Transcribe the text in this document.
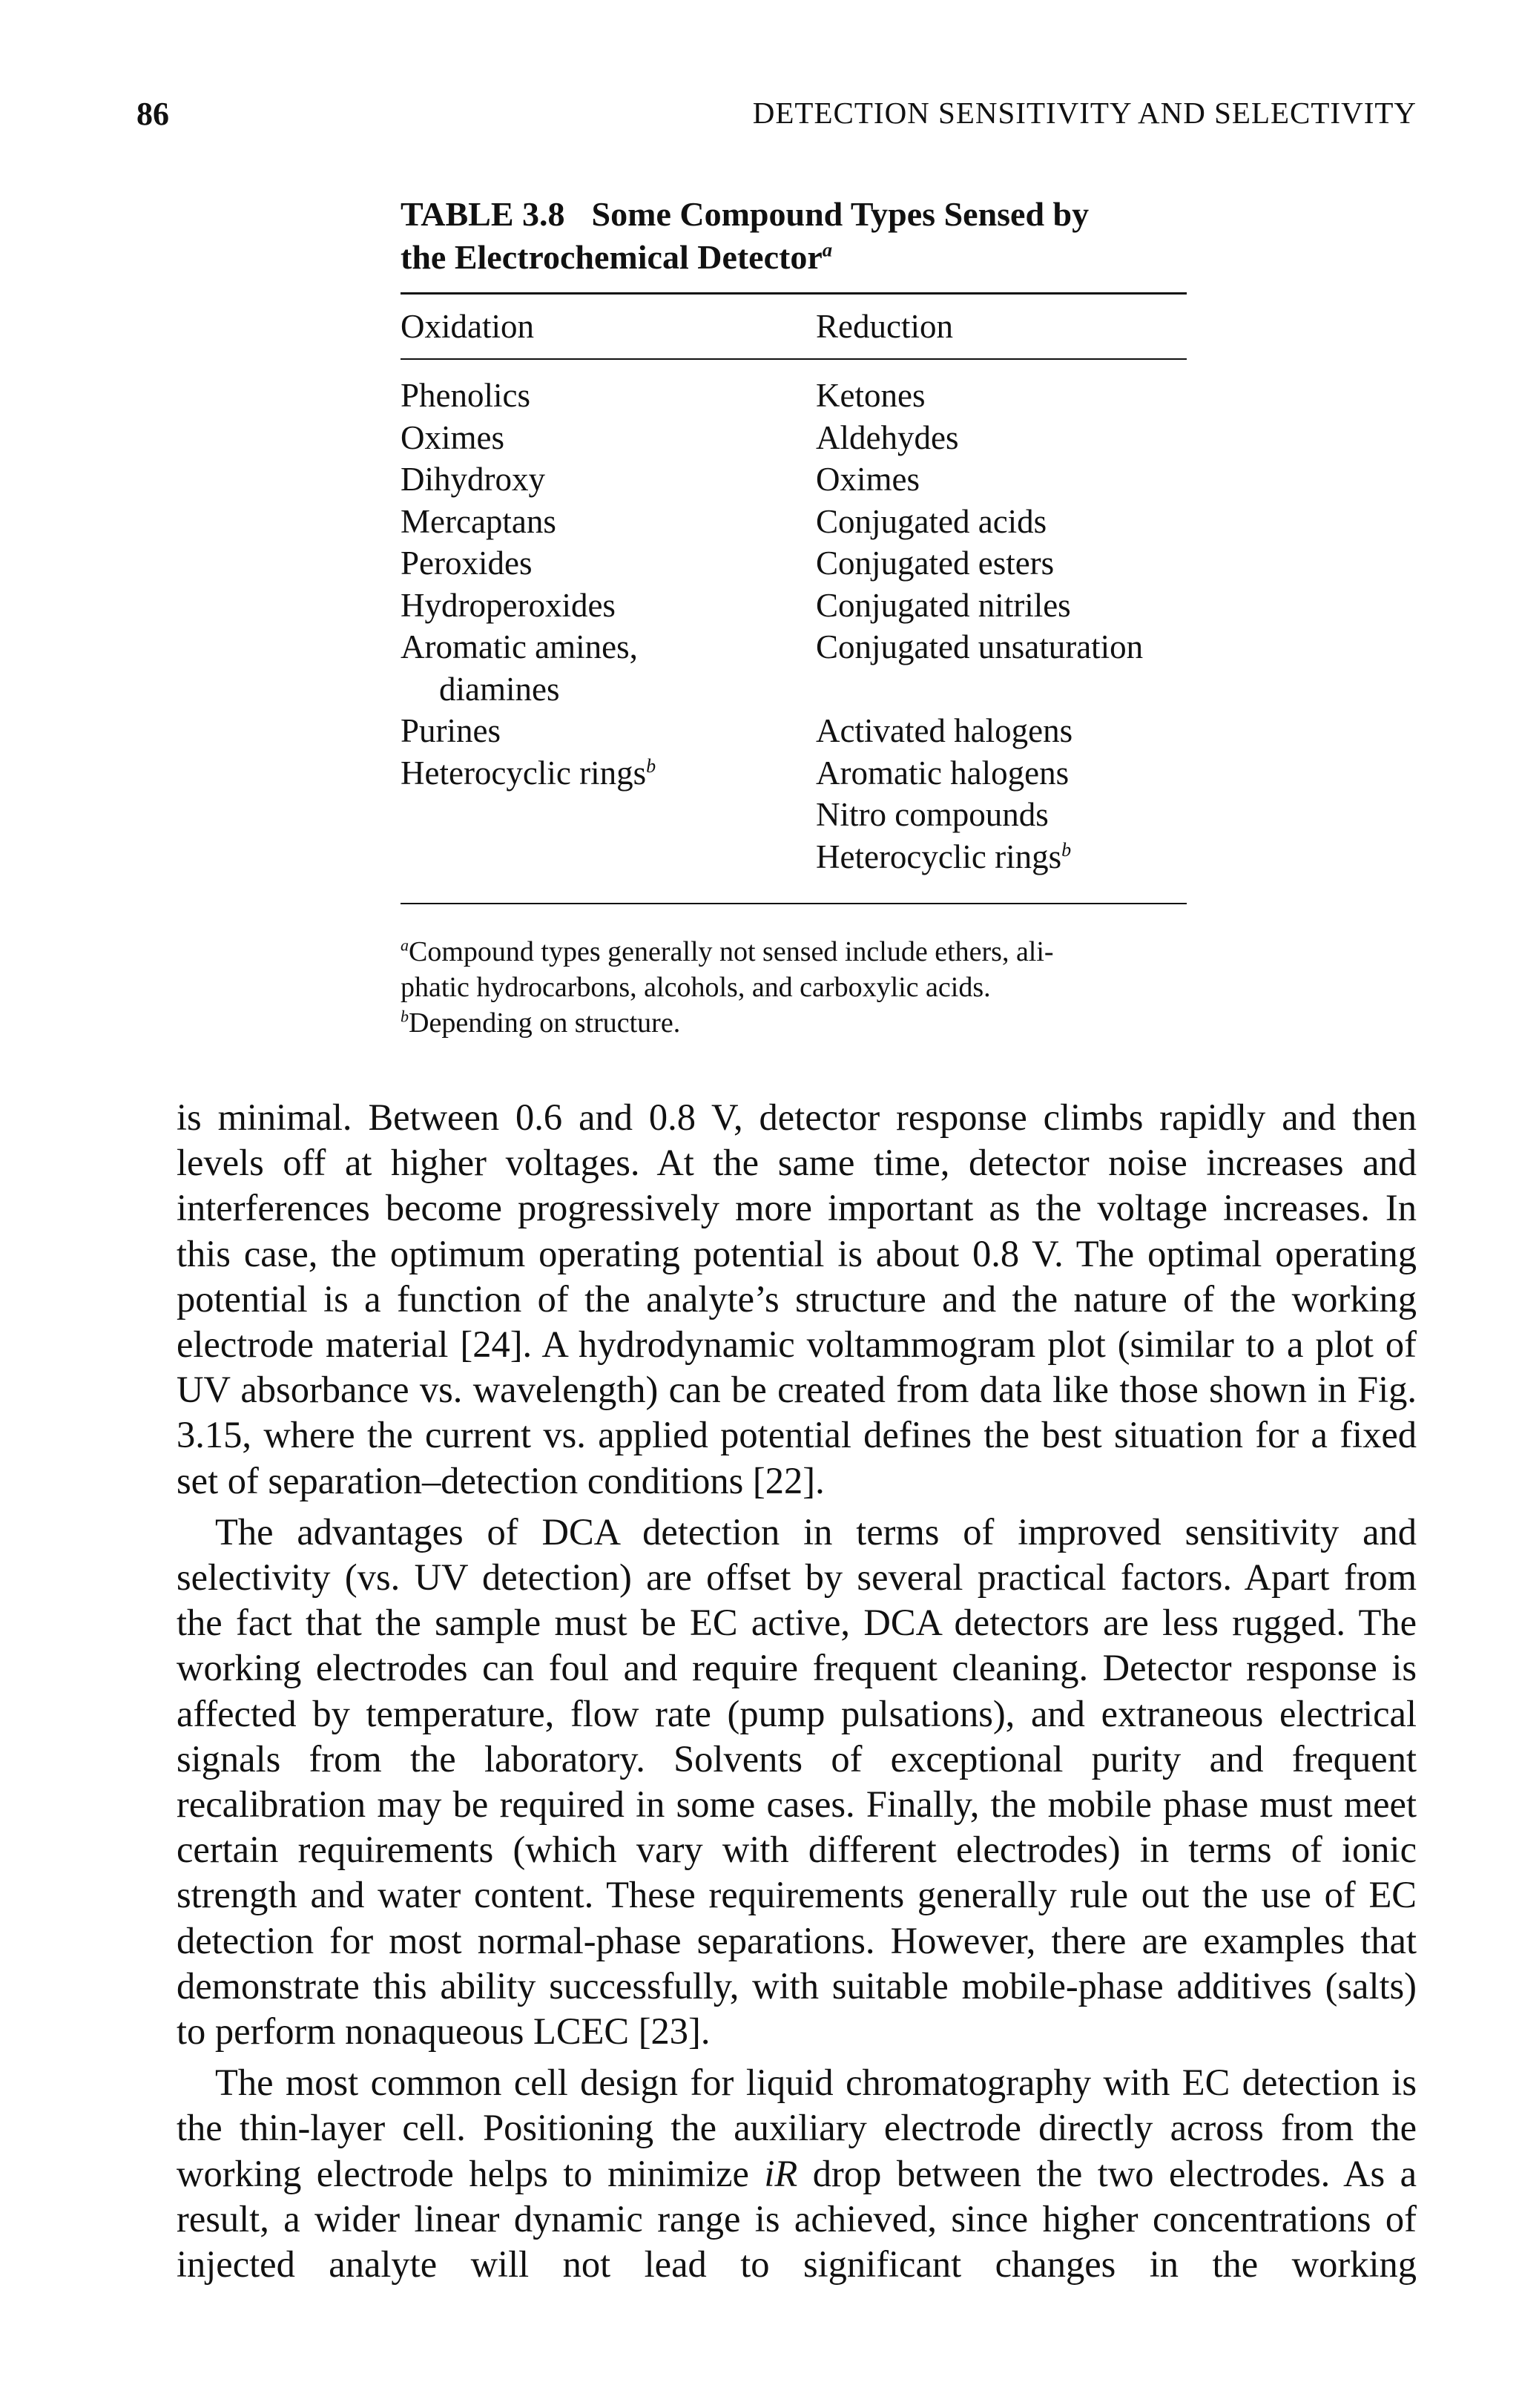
86	DETECTION SENSITIVITY AND SELECTIVITY

TABLE 3.8 Some Compound Types Sensed by
the Electrochemical Detector$^a$

Oxidation	Reduction
Phenolics
Oximes
Dihydroxy
Mercaptans
Peroxides
Hydroperoxides
Aromatic amines,
diamines
Purines
Heterocyclic rings$^b$
Ketones
Aldehydes
Oximes
Conjugated acids
Conjugated esters
Conjugated nitriles
Conjugated unsaturation
Activated halogens
Aromatic halogens
Nitro compounds
Heterocyclic rings$^b$

$^a$Compound types generally not sensed include ethers, ali-
phatic hydrocarbons, alcohols, and carboxylic acids.

$^b$Depending on structure.

is minimal. Between 0.6 and 0.8 V, detector response climbs rapidly and then levels off at higher voltages. At the same time, detector noise increases and interferences become progressively more important as the voltage increases. In this case, the optimum operating potential is about 0.8 V. The optimal operating potential is a function of the analyte’s structure and the nature of the working electrode material [24]. A hydrodynamic voltammogram plot (similar to a plot of UV absorbance vs. wavelength) can be created from data like those shown in Fig. 3.15, where the current vs. applied potential defines the best situation for a fixed set of separation–detection conditions [22].

The advantages of DCA detection in terms of improved sensitivity and selectivity (vs. UV detection) are offset by several practical factors. Apart from the fact that the sample must be EC active, DCA detectors are less rugged. The working electrodes can foul and require frequent cleaning. Detector response is affected by temperature, flow rate (pump pulsations), and extraneous electrical signals from the laboratory. Solvents of exceptional purity and frequent recalibration may be required in some cases. Finally, the mobile phase must meet certain requirements (which vary with different electrodes) in terms of ionic strength and water content. These requirements generally rule out the use of EC detection for most normal-phase separations. However, there are examples that demonstrate this ability successfully, with suitable mobile-phase additives (salts) to perform nonaqueous LCEC [23].

The most common cell design for liquid chromatography with EC detection is the thin-layer cell. Positioning the auxiliary electrode directly across from the working electrode helps to minimize iR drop between the two electrodes. As a result, a wider linear dynamic range is achieved, since higher concentrations of injected analyte will not lead to significant changes in the working
